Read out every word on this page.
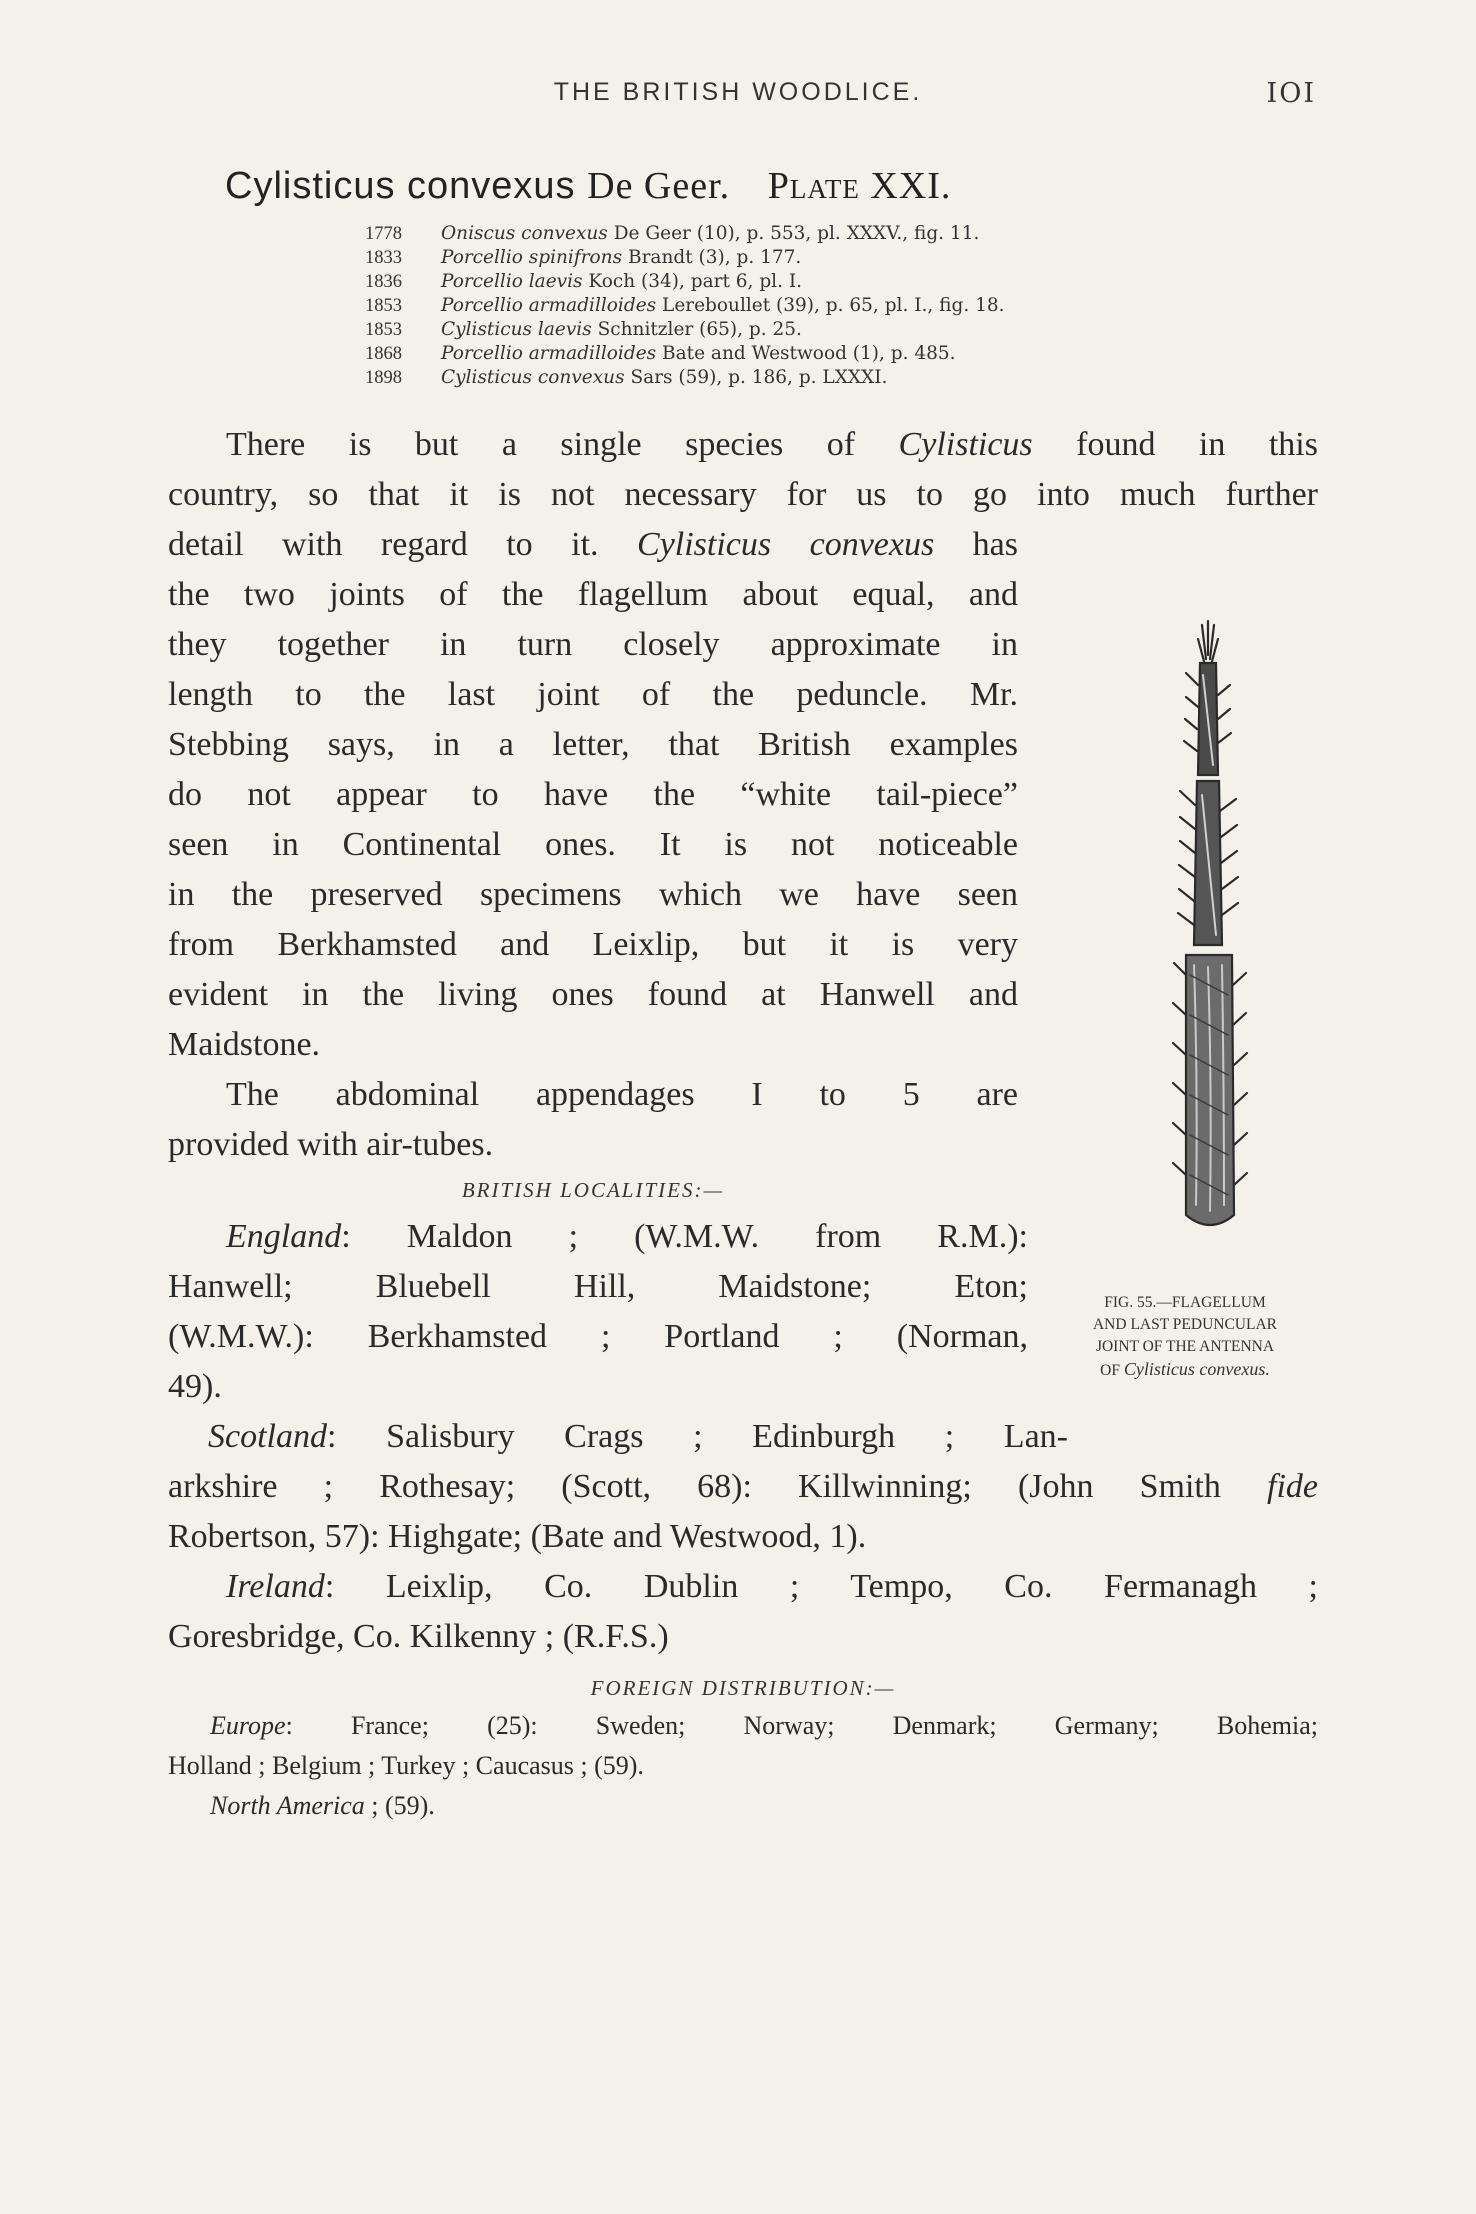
THE BRITISH WOODLICE.	IOI
Cylisticus convexus De Geer. Plate XXI.
1778 Oniscus convexus De Geer (10), p. 553, pl. XXXV., fig. 11.
1833 Porcellio spinifrons Brandt (3), p. 177.
1836 Porcellio laevis Koch (34), part 6, pl. I.
1853 Porcellio armadilloides Lereboullet (39), p. 65, pl. I., fig. 18.
1853 Cylisticus laevis Schnitzler (65), p. 25.
1868 Porcellio armadilloides Bate and Westwood (1), p. 485.
1898 Cylisticus convexus Sars (59), p. 186, p. LXXXI.
There is but a single species of Cylisticus found in this
country, so that it is not necessary for us to go into much further
detail with regard to it. Cylisticus convexus has
the two joints of the flagellum about equal, and
they together in turn closely approximate in
length to the last joint of the peduncle. Mr.
Stebbing says, in a letter, that British examples
do not appear to have the “white tail-piece”
seen in Continental ones. It is not noticeable
in the preserved specimens which we have seen
from Berkhamsted and Leixlip, but it is very
evident in the living ones found at Hanwell and
Maidstone.
The abdominal appendages I to 5 are
provided with air-tubes.
BRITISH LOCALITIES:—
England: Maldon ; (W.M.W. from R.M.):
Hanwell; Bluebell Hill, Maidstone; Eton;
(W.M.W.): Berkhamsted ; Portland ; (Norman,
49).
Scotland: Salisbury Crags ; Edinburgh ; Lan-
arkshire ; Rothesay; (Scott, 68): Killwinning; (John Smith fide
Robertson, 57): Highgate; (Bate and Westwood, 1).
Ireland: Leixlip, Co. Dublin ; Tempo, Co. Fermanagh ;
Goresbridge, Co. Kilkenny ; (R.F.S.)
FOREIGN DISTRIBUTION:—
Europe: France; (25): Sweden; Norway; Denmark; Germany; Bohemia;
Holland ; Belgium ; Turkey ; Caucasus ; (59).
North America ; (59).
FIG. 55.—FLAGELLUM
AND LAST PEDUNCULAR
JOINT OF THE ANTENNA
OF Cylisticus convexus.
